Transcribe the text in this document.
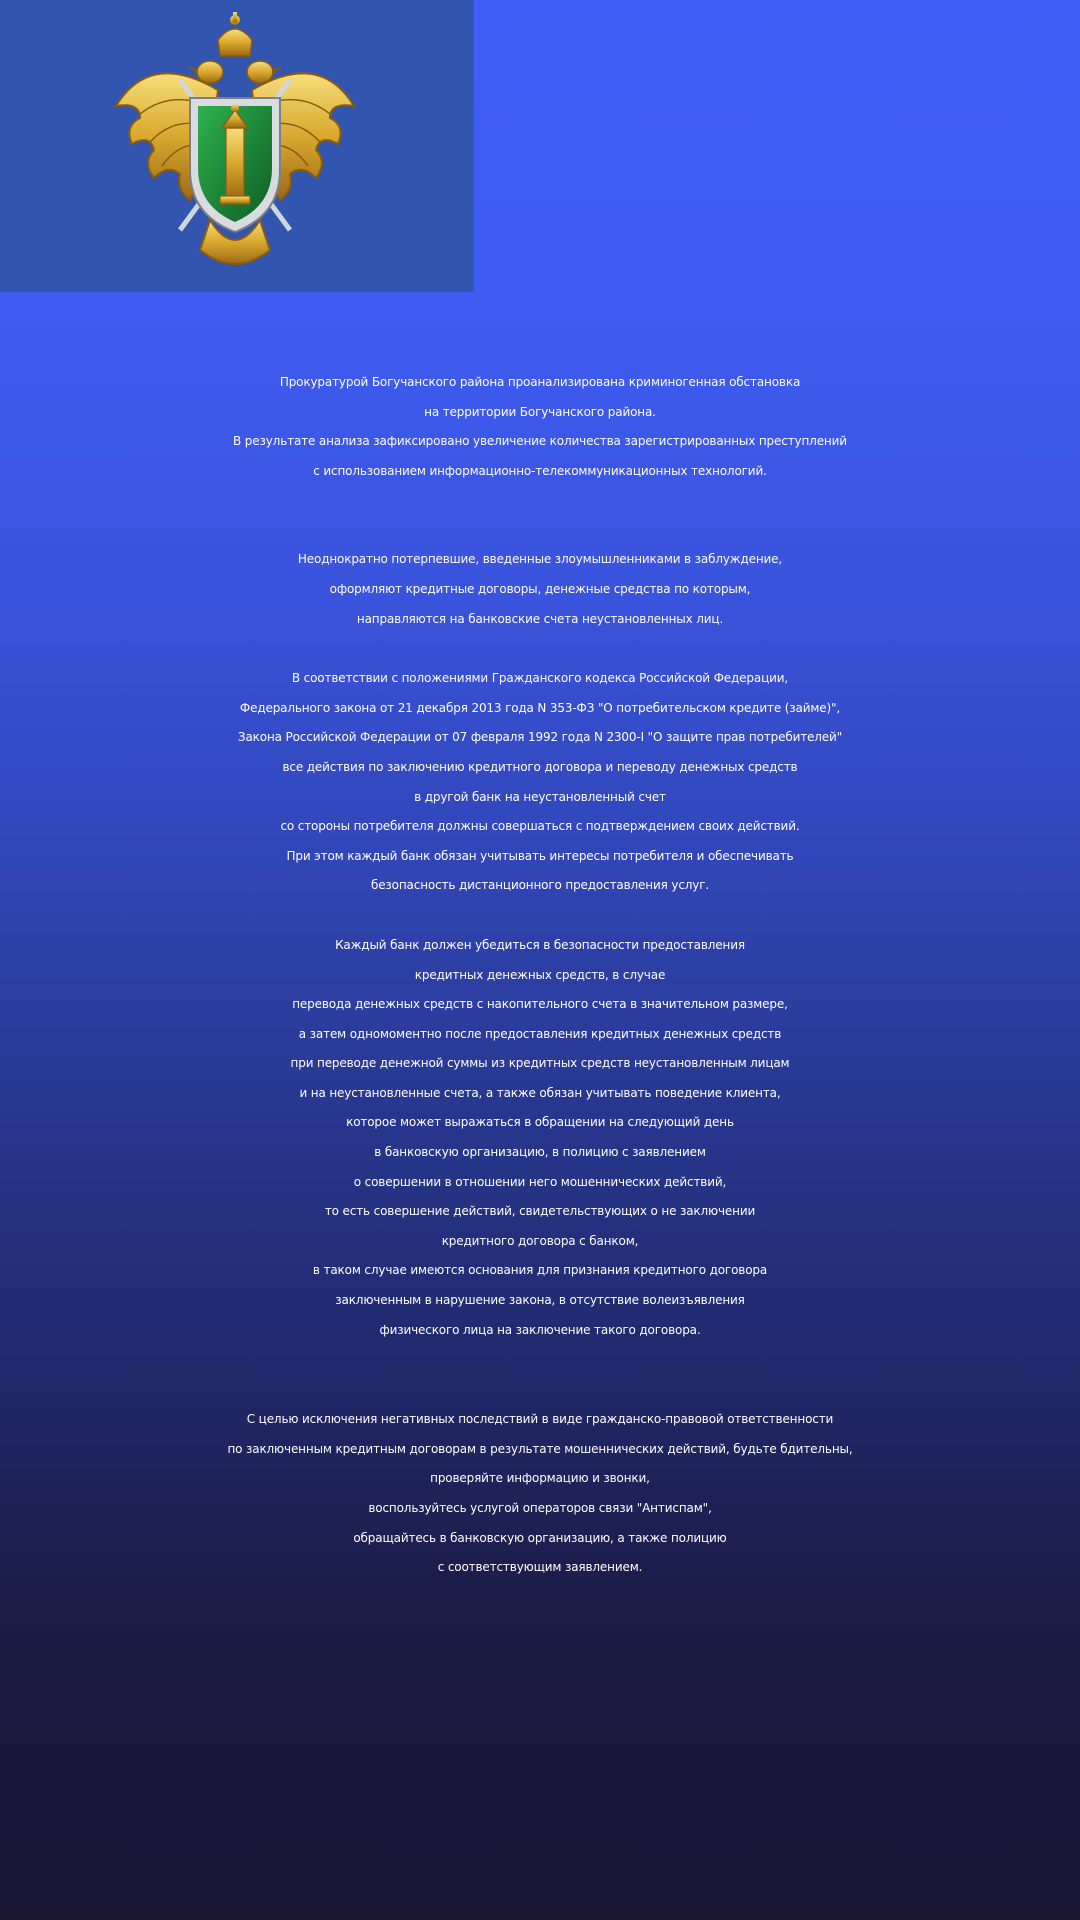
Прокуратурой Богучанского района проанализирована криминогенная обстановка
на территории Богучанского района.
В результате анализа зафиксировано увеличение количества зарегистрированных преступлений
с использованием информационно-телекоммуникационных технологий.
Неоднократно потерпевшие, введенные злоумышленниками в заблуждение,
оформляют кредитные договоры, денежные средства по которым,
направляются на банковские счета неустановленных лиц.
В соответствии с положениями Гражданского кодекса Российской Федерации,
Федерального закона от 21 декабря 2013 года N 353-ФЗ "О потребительском кредите (займе)",
Закона Российской Федерации от 07 февраля 1992 года N 2300-I "О защите прав потребителей"
все действия по заключению кредитного договора и переводу денежных средств
в другой банк на неустановленный счет
со стороны потребителя должны совершаться с подтверждением своих действий.
При этом каждый банк обязан учитывать интересы потребителя и обеспечивать
безопасность дистанционного предоставления услуг.
Каждый банк должен убедиться в безопасности предоставления
кредитных денежных средств, в случае
перевода денежных средств с накопительного счета в значительном размере,
а затем одномоментно после предоставления кредитных денежных средств
при переводе денежной суммы из кредитных средств неустановленным лицам
и на неустановленные счета, а также обязан учитывать поведение клиента,
которое может выражаться в обращении на следующий день
в банковскую организацию, в полицию с заявлением
о совершении в отношении него мошеннических действий,
то есть совершение действий, свидетельствующих о не заключении
кредитного договора с банком,
в таком случае имеются основания для признания кредитного договора
заключенным в нарушение закона, в отсутствие волеизъявления
физического лица на заключение такого договора.
С целью исключения негативных последствий в виде гражданско-правовой ответственности
по заключенным кредитным договорам в результате мошеннических действий, будьте бдительны,
проверяйте информацию и звонки,
воспользуйтесь услугой операторов связи "Антиспам",
обращайтесь в банковскую организацию, а также полицию
с соответствующим заявлением.
